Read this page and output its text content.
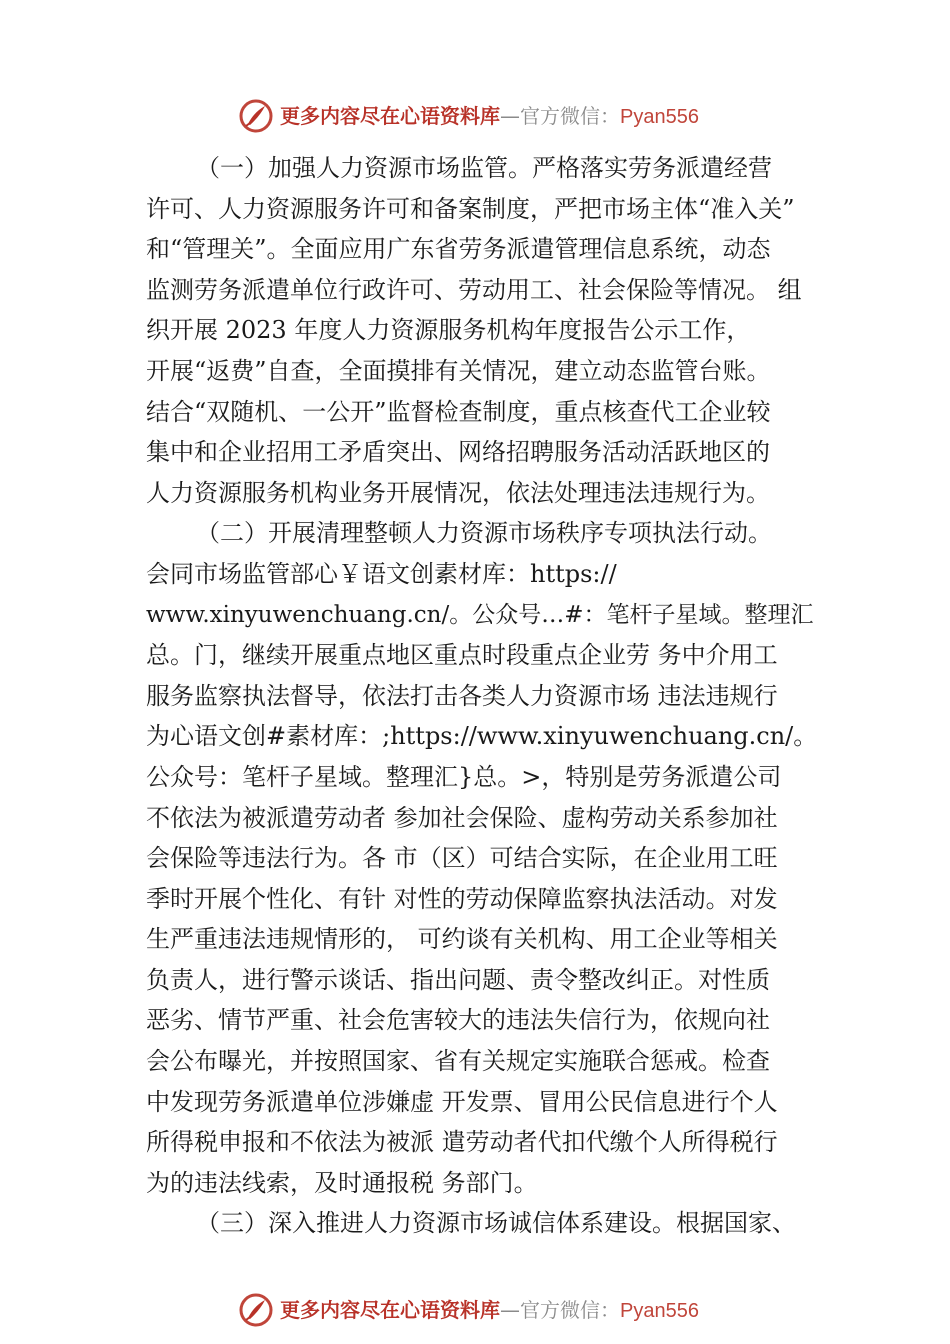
更多内容尽在心语资料库—官方微信：Pyan556
（一）加强人力资源市场监管。严格落实劳务派遣经营
许可、人力资源服务许可和备案制度，严把市场主体“准入关”
和“管理关”。全面应用广东省劳务派遣管理信息系统，动态
监测劳务派遣单位行政许可、劳动用工、社会保险等情况。 组
织开展 2023 年度人力资源服务机构年度报告公示工作，
开展“返费”自查，全面摸排有关情况，建立动态监管台账。
结合“双随机、一公开”监督检查制度，重点核查代工企业较
集中和企业招用工矛盾突出、网络招聘服务活动活跃地区的
人力资源服务机构业务开展情况，依法处理违法违规行为。
（二）开展清理整顿人力资源市场秩序专项执法行动。
会同市场监管部心￥语文创素材库：https://
www.xinyuwenchuang.cn/。公众号…#：笔杆子星域。整理汇
总。门，继续开展重点地区重点时段重点企业劳 务中介用工
服务监察执法督导，依法打击各类人力资源市场 违法违规行
为心语文创#素材库：;https://www.xinyuwenchuang.cn/。
公众号：笔杆子星域。整理汇}总。>，特别是劳务派遣公司
不依法为被派遣劳动者 参加社会保险、虚构劳动关系参加社
会保险等违法行为。各 市（区）可结合实际，在企业用工旺
季时开展个性化、有针 对性的劳动保障监察执法活动。对发
生严重违法违规情形的， 可约谈有关机构、用工企业等相关
负责人，进行警示谈话、指出问题、责令整改纠正。对性质
恶劣、情节严重、社会危害较大的违法失信行为，依规向社
会公布曝光，并按照国家、省有关规定实施联合惩戒。检查
中发现劳务派遣单位涉嫌虚 开发票、冒用公民信息进行个人
所得税申报和不依法为被派 遣劳动者代扣代缴个人所得税行
为的违法线索，及时通报税 务部门。
（三）深入推进人力资源市场诚信体系建设。根据国家、
更多内容尽在心语资料库—官方微信：Pyan556
